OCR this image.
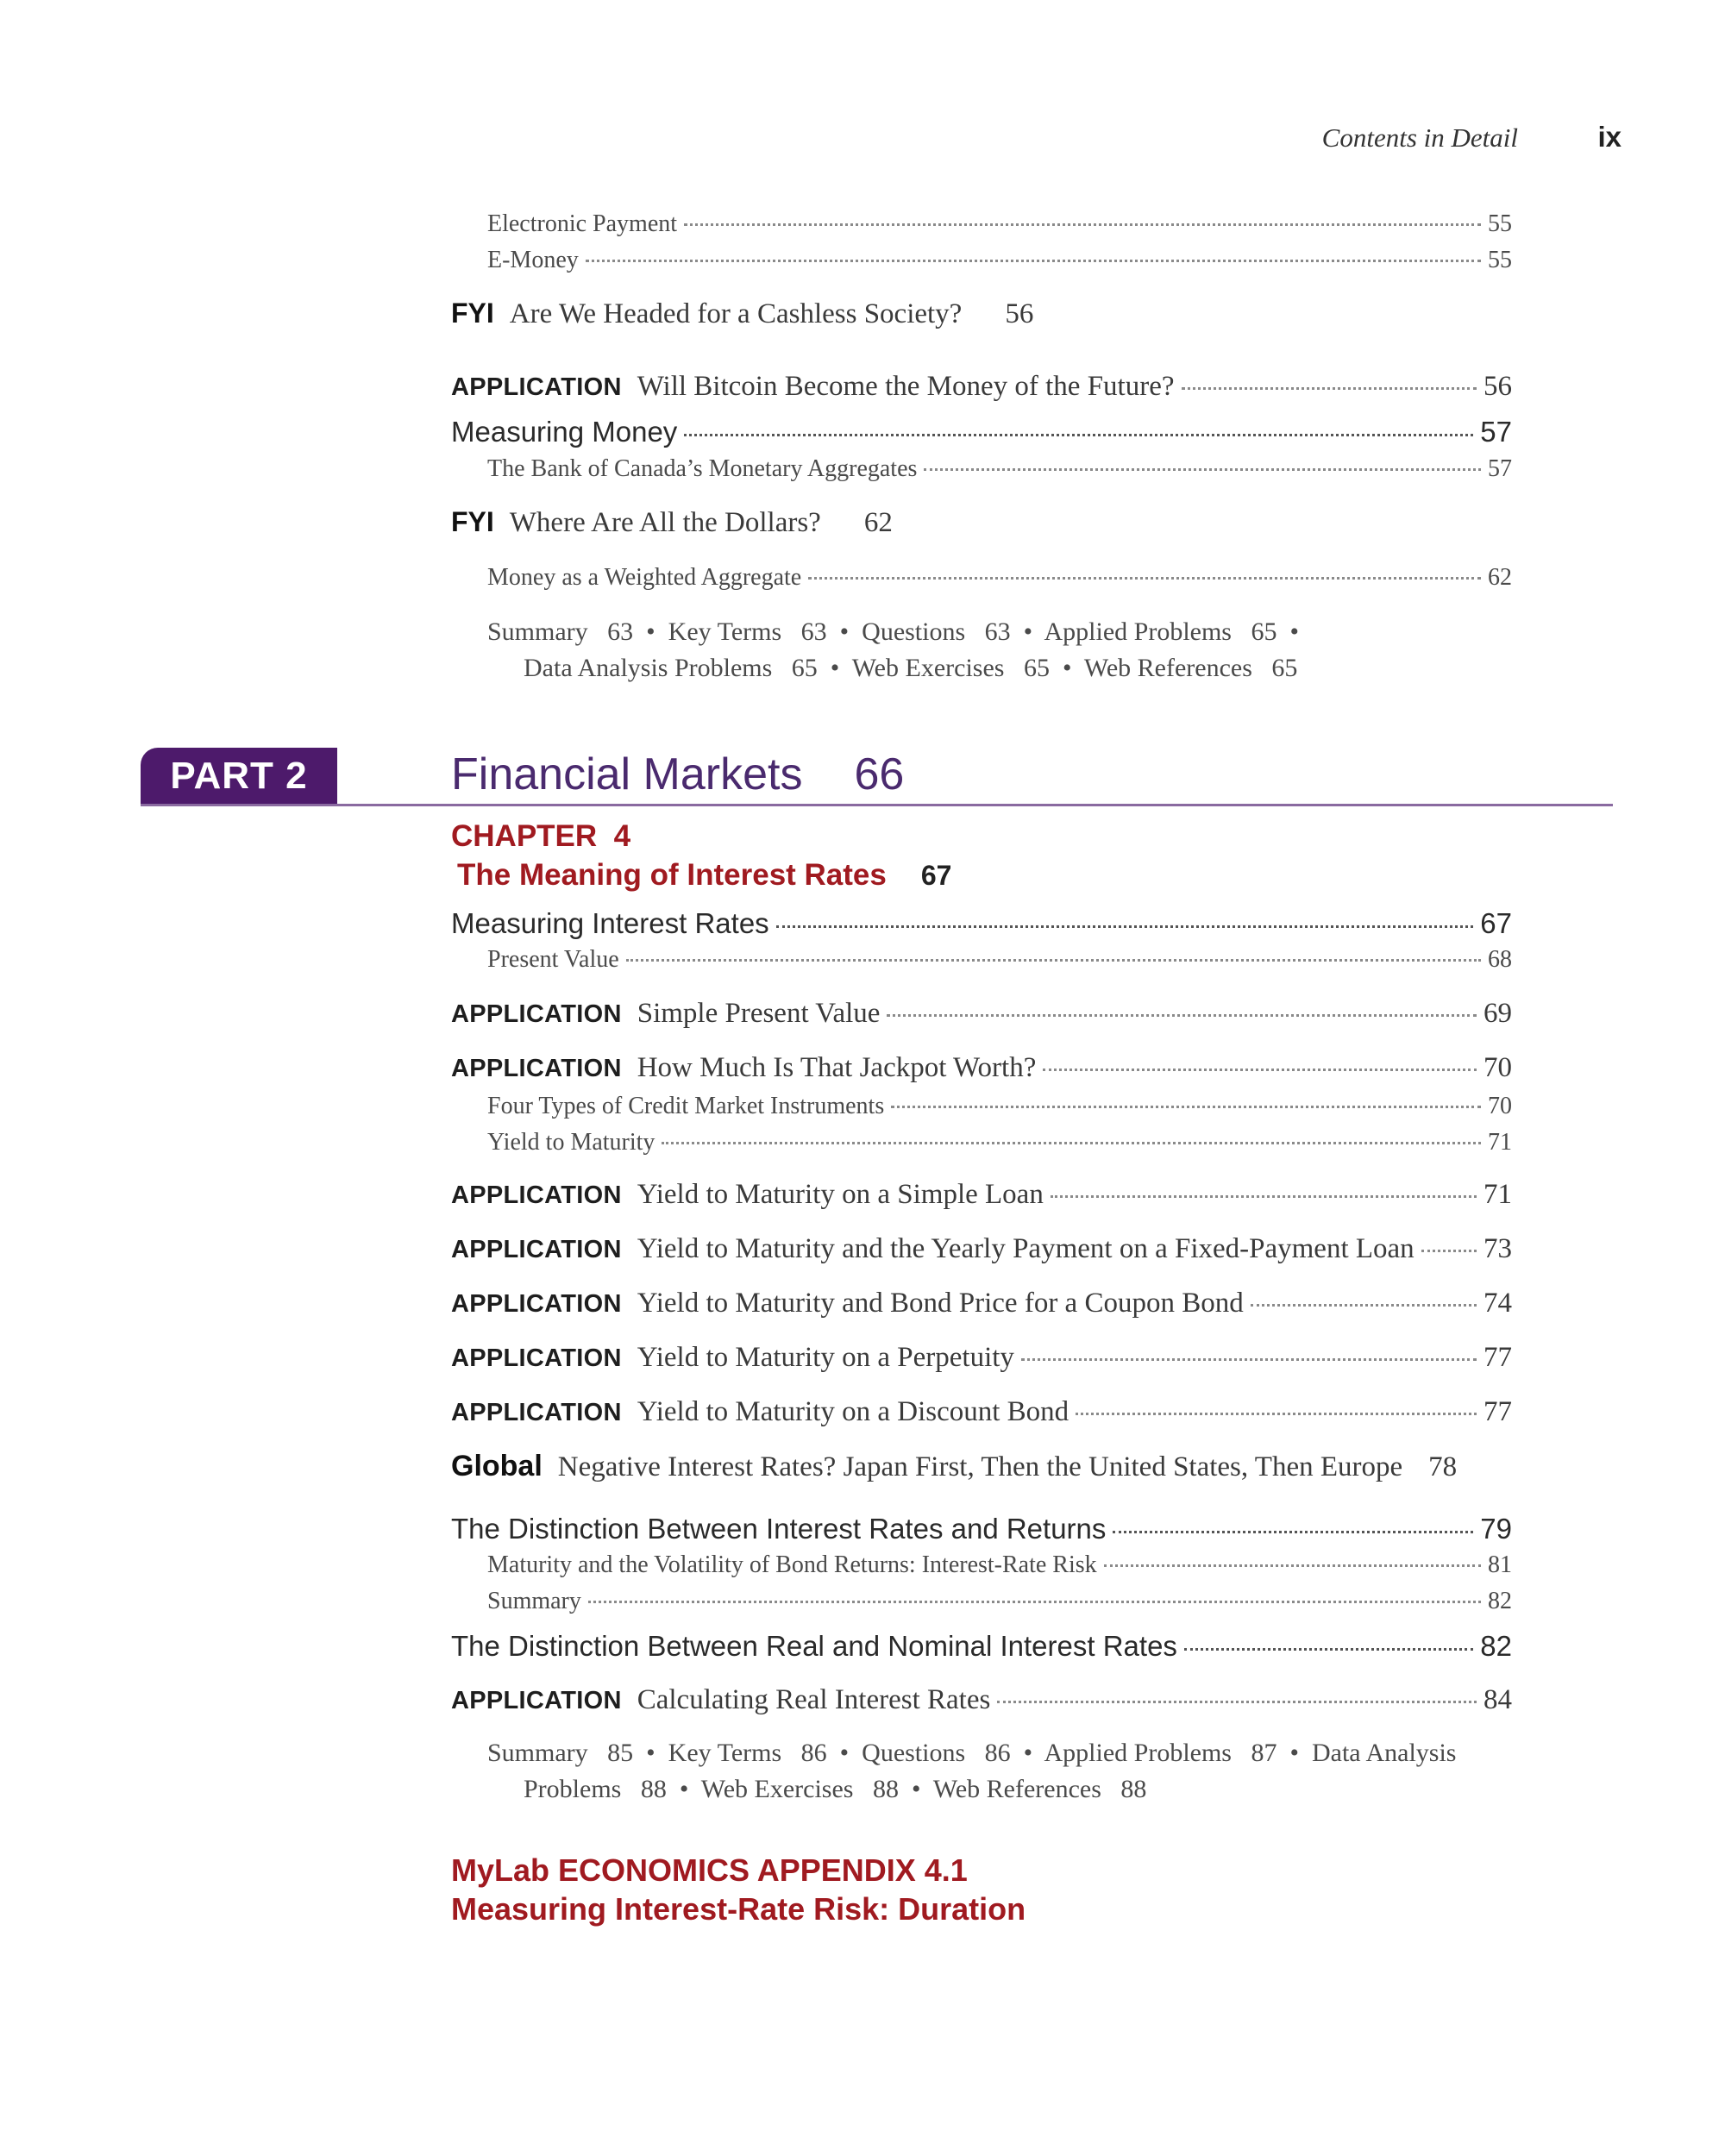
Contents in Detail	ix
Electronic Payment	55
E-Money	55
FYI Are We Headed for a Cashless Society? 56
APPLICATION Will Bitcoin Become the Money of the Future?	56
Measuring Money	57
The Bank of Canada’s Monetary Aggregates	57
FYI Where Are All the Dollars? 62
Money as a Weighted Aggregate	62
Summary   63  •  Key Terms   63  •  Questions   63  •  Applied Problems   65  •
Data Analysis Problems   65  •  Web Exercises   65  •  Web References   65
PART 2	Financial Markets 66
CHAPTER  4
The Meaning of Interest Rates 67
Measuring Interest Rates	67
Present Value	68
APPLICATION Simple Present Value	69
APPLICATION How Much Is That Jackpot Worth?	70
Four Types of Credit Market Instruments	70
Yield to Maturity	71
APPLICATION Yield to Maturity on a Simple Loan	71
APPLICATION Yield to Maturity and the Yearly Payment on a Fixed-Payment Loan 73
APPLICATION Yield to Maturity and Bond Price for a Coupon Bond	74
APPLICATION Yield to Maturity on a Perpetuity	77
APPLICATION Yield to Maturity on a Discount Bond	77
Global Negative Interest Rates? Japan First, Then the United States, Then Europe 78
The Distinction Between Interest Rates and Returns	79
Maturity and the Volatility of Bond Returns: Interest-Rate Risk	81
Summary	82
The Distinction Between Real and Nominal Interest Rates	82
APPLICATION Calculating Real Interest Rates	84
Summary   85  •  Key Terms   86  •  Questions   86  •  Applied Problems   87  •  Data Analysis
Problems   88  •  Web Exercises   88  •  Web References   88
MyLab ECONOMICS APPENDIX 4.1
Measuring Interest-Rate Risk: Duration
